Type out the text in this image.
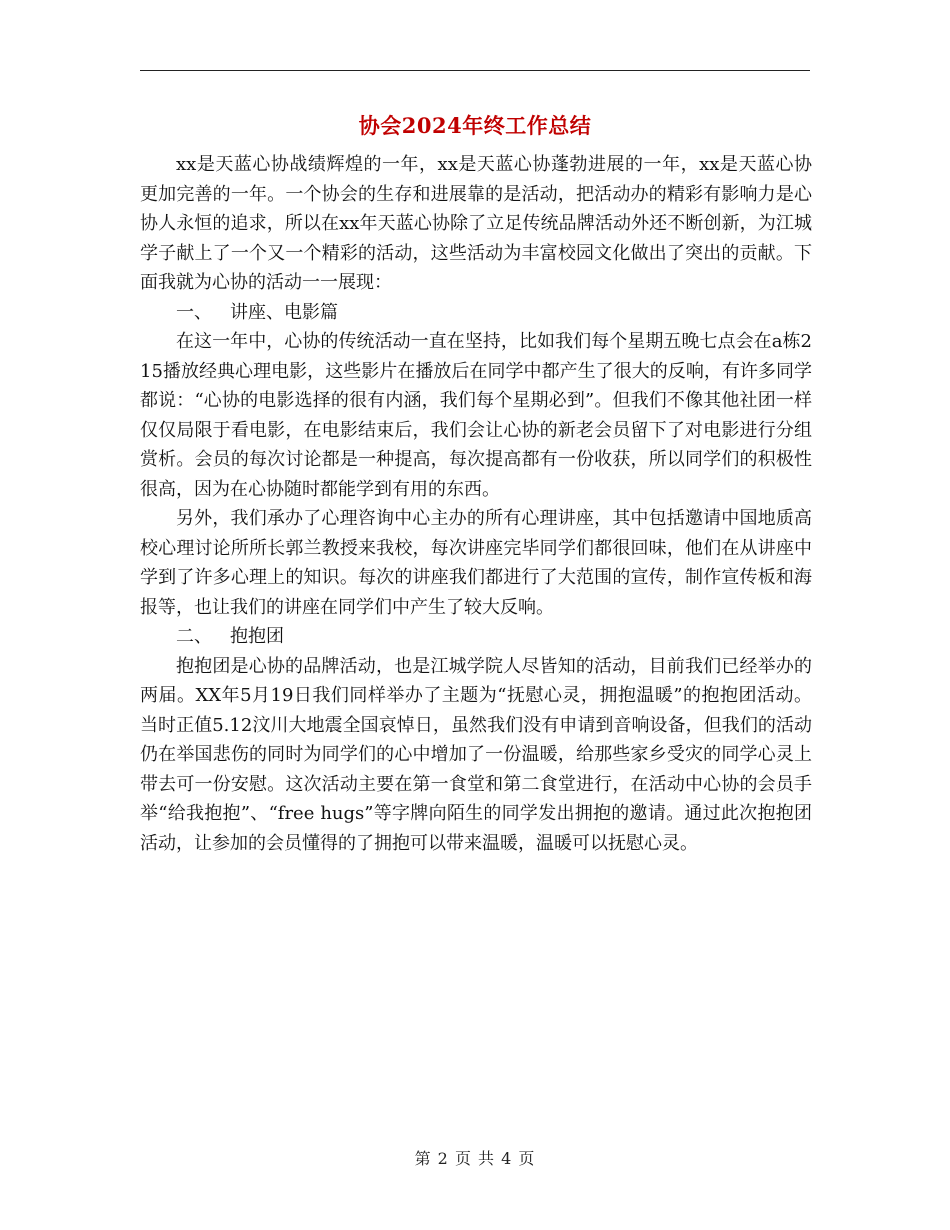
协会2024年终工作总结

xx是天蓝心协战绩辉煌的一年，xx是天蓝心协蓬勃进展的一年，xx是天蓝心协更加完善的一年。一个协会的生存和进展靠的是活动，把活动办的精彩有影响力是心协人永恒的追求，所以在xx年天蓝心协除了立足传统品牌活动外还不断创新，为江城学子献上了一个又一个精彩的活动，这些活动为丰富校园文化做出了突出的贡献。下面我就为心协的活动一一展现：

一、 讲座、电影篇

在这一年中，心协的传统活动一直在坚持，比如我们每个星期五晚七点会在a栋215播放经典心理电影，这些影片在播放后在同学中都产生了很大的反响，有许多同学都说：“心协的电影选择的很有内涵，我们每个星期必到”。但我们不像其他社团一样仅仅局限于看电影，在电影结束后，我们会让心协的新老会员留下了对电影进行分组赏析。会员的每次讨论都是一种提高，每次提高都有一份收获，所以同学们的积极性很高，因为在心协随时都能学到有用的东西。

另外，我们承办了心理咨询中心主办的所有心理讲座，其中包括邀请中国地质高校心理讨论所所长郭兰教授来我校，每次讲座完毕同学们都很回味，他们在从讲座中学到了许多心理上的知识。每次的讲座我们都进行了大范围的宣传，制作宣传板和海报等，也让我们的讲座在同学们中产生了较大反响。

二、 抱抱团

抱抱团是心协的品牌活动，也是江城学院人尽皆知的活动，目前我们已经举办的两届。XX年5月19日我们同样举办了主题为“抚慰心灵，拥抱温暖”的抱抱团活动。当时正值5.12汶川大地震全国哀悼日，虽然我们没有申请到音响设备，但我们的活动仍在举国悲伤的同时为同学们的心中增加了一份温暖，给那些家乡受灾的同学心灵上带去可一份安慰。这次活动主要在第一食堂和第二食堂进行，在活动中心协的会员手举“给我抱抱”、“free hugs”等字牌向陌生的同学发出拥抱的邀请。通过此次抱抱团活动，让参加的会员懂得的了拥抱可以带来温暖，温暖可以抚慰心灵。

第 2 页 共 4 页
